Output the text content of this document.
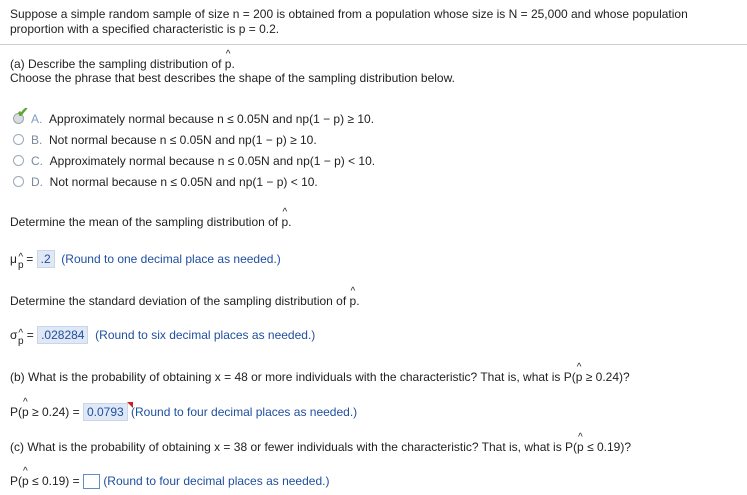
Suppose a simple random sample of size n = 200 is obtained from a population whose size is N = 25,000 and whose population
proportion with a specified characteristic is p = 0.2.
(a) Describe the sampling distribution of ^ p.
Choose the phrase that best describes the shape of the sampling distribution below.
✔ A. Approximately normal because n ≤ 0.05N and np(1 − p) ≥ 10.
B. Not normal because n ≤ 0.05N and np(1 − p) ≥ 10.
C. Approximately normal because n ≤ 0.05N and np(1 − p) < 10.
D. Not normal because n ≤ 0.05N and np(1 − p) < 10.
Determine the mean of the sampling distribution of ^ p.
μ = .2 (Round to one decimal place as needed.)
^ p
Determine the standard deviation of the sampling distribution of ^ p.
σ = .028284 (Round to six decimal places as needed.)
^ p
(b) What is the probability of obtaining x = 48 or more individuals with the characteristic? That is, what is P(^ p ≥ 0.24)?
P(^ p ≥ 0.24) = 0.0793 (Round to four decimal places as needed.)
(c) What is the probability of obtaining x = 38 or fewer individuals with the characteristic? That is, what is P(^ p ≤ 0.19)?
P(^ p ≤ 0.19) =  (Round to four decimal places as needed.)
